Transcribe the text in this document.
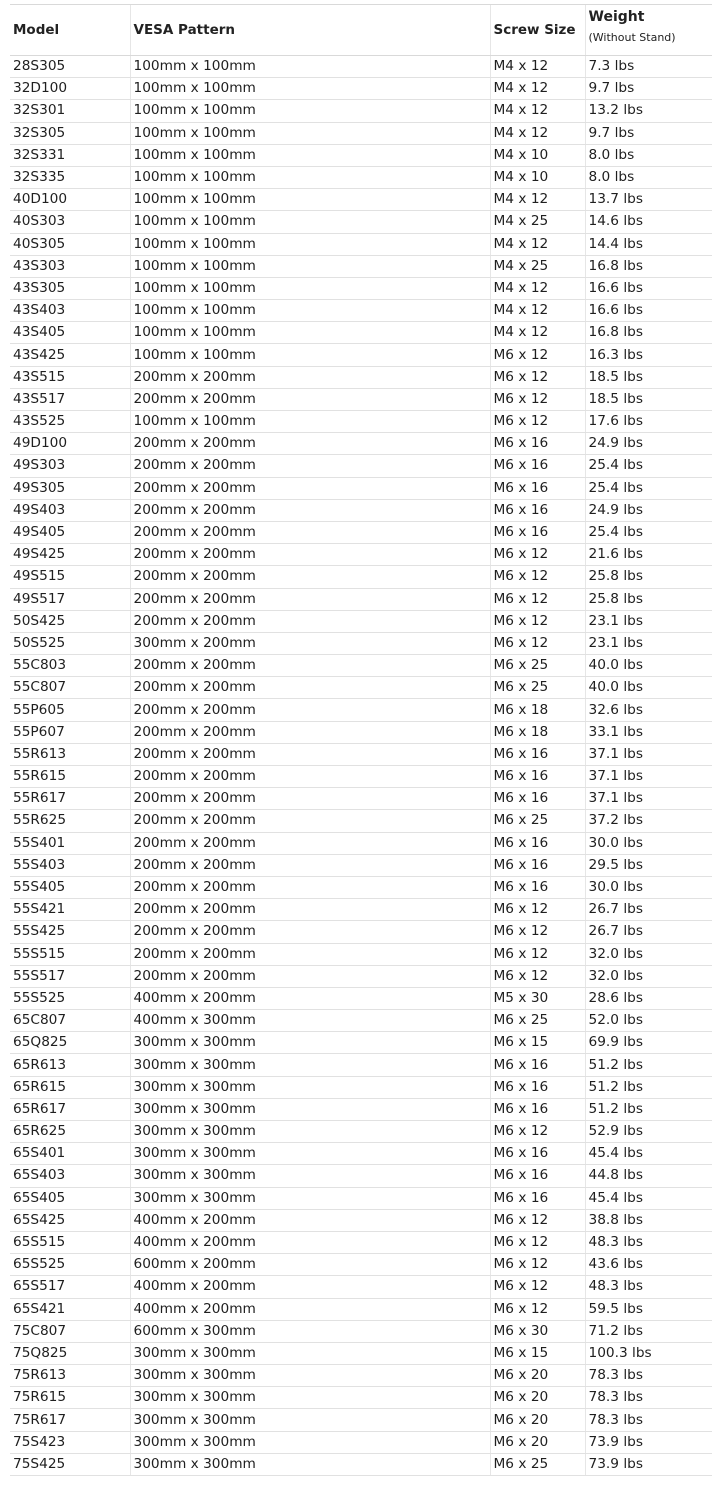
Model	VESA Pattern	Screw Size	Weight
(Without Stand)

28S305	100mm x 100mm	M4 x 12	7.3 lbs
32D100	100mm x 100mm	M4 x 12	9.7 lbs
32S301	100mm x 100mm	M4 x 12	13.2 lbs
32S305	100mm x 100mm	M4 x 12	9.7 lbs
32S331	100mm x 100mm	M4 x 10	8.0 lbs
32S335	100mm x 100mm	M4 x 10	8.0 lbs
40D100	100mm x 100mm	M4 x 12	13.7 lbs
40S303	100mm x 100mm	M4 x 25	14.6 lbs
40S305	100mm x 100mm	M4 x 12	14.4 lbs
43S303	100mm x 100mm	M4 x 25	16.8 lbs
43S305	100mm x 100mm	M4 x 12	16.6 lbs
43S403	100mm x 100mm	M4 x 12	16.6 lbs
43S405	100mm x 100mm	M4 x 12	16.8 lbs
43S425	100mm x 100mm	M6 x 12	16.3 lbs
43S515	200mm x 200mm	M6 x 12	18.5 lbs
43S517	200mm x 200mm	M6 x 12	18.5 lbs
43S525	100mm x 100mm	M6 x 12	17.6 lbs
49D100	200mm x 200mm	M6 x 16	24.9 lbs
49S303	200mm x 200mm	M6 x 16	25.4 lbs
49S305	200mm x 200mm	M6 x 16	25.4 lbs
49S403	200mm x 200mm	M6 x 16	24.9 lbs
49S405	200mm x 200mm	M6 x 16	25.4 lbs
49S425	200mm x 200mm	M6 x 12	21.6 lbs
49S515	200mm x 200mm	M6 x 12	25.8 lbs
49S517	200mm x 200mm	M6 x 12	25.8 lbs
50S425	200mm x 200mm	M6 x 12	23.1 lbs
50S525	300mm x 200mm	M6 x 12	23.1 lbs
55C803	200mm x 200mm	M6 x 25	40.0 lbs
55C807	200mm x 200mm	M6 x 25	40.0 lbs
55P605	200mm x 200mm	M6 x 18	32.6 lbs
55P607	200mm x 200mm	M6 x 18	33.1 lbs
55R613	200mm x 200mm	M6 x 16	37.1 lbs
55R615	200mm x 200mm	M6 x 16	37.1 lbs
55R617	200mm x 200mm	M6 x 16	37.1 lbs
55R625	200mm x 200mm	M6 x 25	37.2 lbs
55S401	200mm x 200mm	M6 x 16	30.0 lbs
55S403	200mm x 200mm	M6 x 16	29.5 lbs
55S405	200mm x 200mm	M6 x 16	30.0 lbs
55S421	200mm x 200mm	M6 x 12	26.7 lbs
55S425	200mm x 200mm	M6 x 12	26.7 lbs
55S515	200mm x 200mm	M6 x 12	32.0 lbs
55S517	200mm x 200mm	M6 x 12	32.0 lbs
55S525	400mm x 200mm	M5 x 30	28.6 lbs
65C807	400mm x 300mm	M6 x 25	52.0 lbs
65Q825	300mm x 300mm	M6 x 15	69.9 lbs
65R613	300mm x 300mm	M6 x 16	51.2 lbs
65R615	300mm x 300mm	M6 x 16	51.2 lbs
65R617	300mm x 300mm	M6 x 16	51.2 lbs
65R625	300mm x 300mm	M6 x 12	52.9 lbs
65S401	300mm x 300mm	M6 x 16	45.4 lbs
65S403	300mm x 300mm	M6 x 16	44.8 lbs
65S405	300mm x 300mm	M6 x 16	45.4 lbs
65S425	400mm x 200mm	M6 x 12	38.8 lbs
65S515	400mm x 200mm	M6 x 12	48.3 lbs
65S525	600mm x 200mm	M6 x 12	43.6 lbs
65S517	400mm x 200mm	M6 x 12	48.3 lbs
65S421	400mm x 200mm	M6 x 12	59.5 lbs
75C807	600mm x 300mm	M6 x 30	71.2 lbs
75Q825	300mm x 300mm	M6 x 15	100.3 lbs
75R613	300mm x 300mm	M6 x 20	78.3 lbs
75R615	300mm x 300mm	M6 x 20	78.3 lbs
75R617	300mm x 300mm	M6 x 20	78.3 lbs
75S423	300mm x 300mm	M6 x 20	73.9 lbs
75S425	300mm x 300mm	M6 x 25	73.9 lbs
